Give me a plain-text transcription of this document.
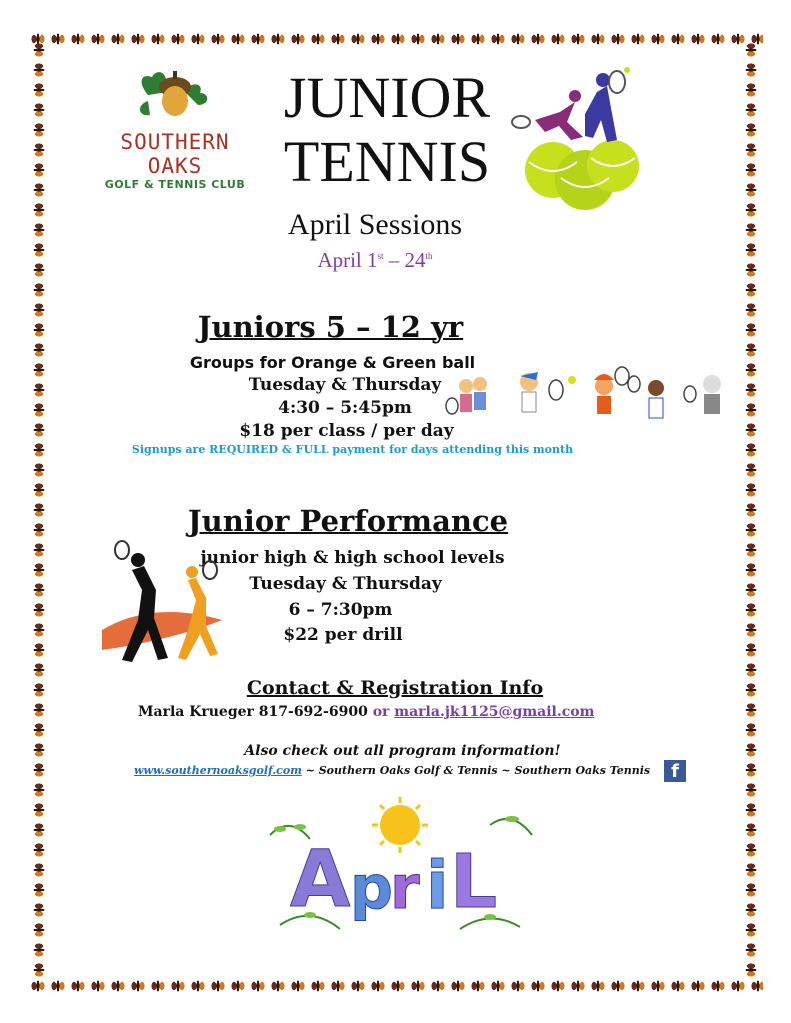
SOUTHERN OAKS
GOLF & TENNIS CLUB
JUNIOR
TENNIS
April Sessions
April 1st – 24th
Juniors 5 – 12 yr
Groups for Orange & Green ball
Tuesday & Thursday
4:30 – 5:45pm
$18 per class / per day
Signups are REQUIRED & FULL payment for days attending this month
Junior Performance
junior high & high school levels
Tuesday & Thursday
6 – 7:30pm
$22 per drill
Contact & Registration Info
Marla Krueger 817-692-6900 or marla.jk1125@gmail.com
Also check out all program information!
www.southernoaksgolf.com ~ Southern Oaks Golf & Tennis ~ Southern Oaks Tennis	f
A p
r i L
